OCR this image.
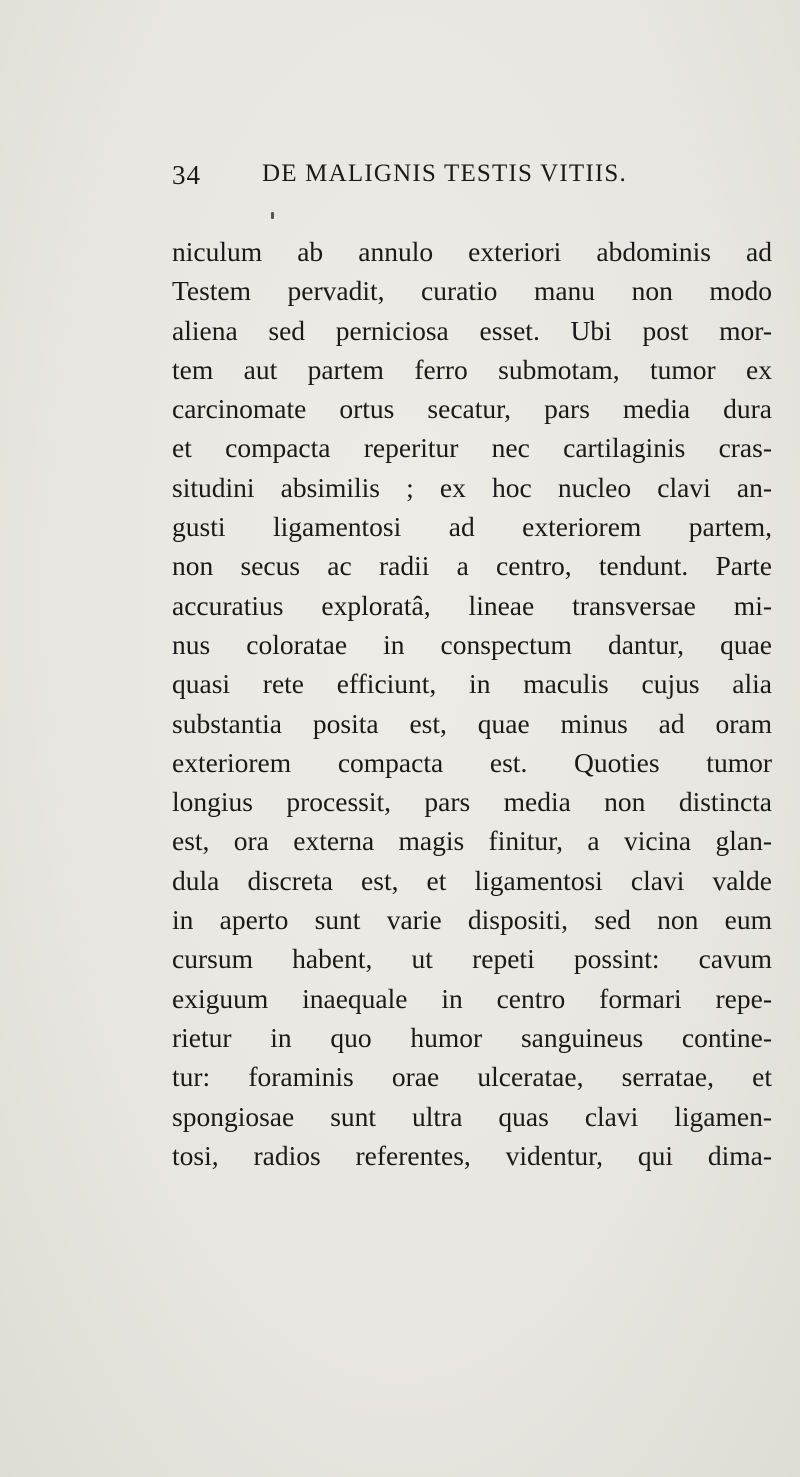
34 DE MALIGNIS TESTIS VITIIS.
niculum ab annulo exteriori abdominis ad
Testem pervadit, curatio manu non modo
aliena sed perniciosa esset. Ubi post mor-
tem aut partem ferro submotam, tumor ex
carcinomate ortus secatur, pars media dura
et compacta reperitur nec cartilaginis cras-
situdini absimilis ; ex hoc nucleo clavi an-
gusti ligamentosi ad exteriorem partem,
non secus ac radii a centro, tendunt. Parte
accuratius exploratâ, lineae transversae mi-
nus coloratae in conspectum dantur, quae
quasi rete efficiunt, in maculis cujus alia
substantia posita est, quae minus ad oram
exteriorem compacta est. Quoties tumor
longius processit, pars media non distincta
est, ora externa magis finitur, a vicina glan-
dula discreta est, et ligamentosi clavi valde
in aperto sunt varie dispositi, sed non eum
cursum habent, ut repeti possint: cavum
exiguum inaequale in centro formari repe-
rietur in quo humor sanguineus contine-
tur: foraminis orae ulceratae, serratae, et
spongiosae sunt ultra quas clavi ligamen-
tosi, radios referentes, videntur, qui dima-
